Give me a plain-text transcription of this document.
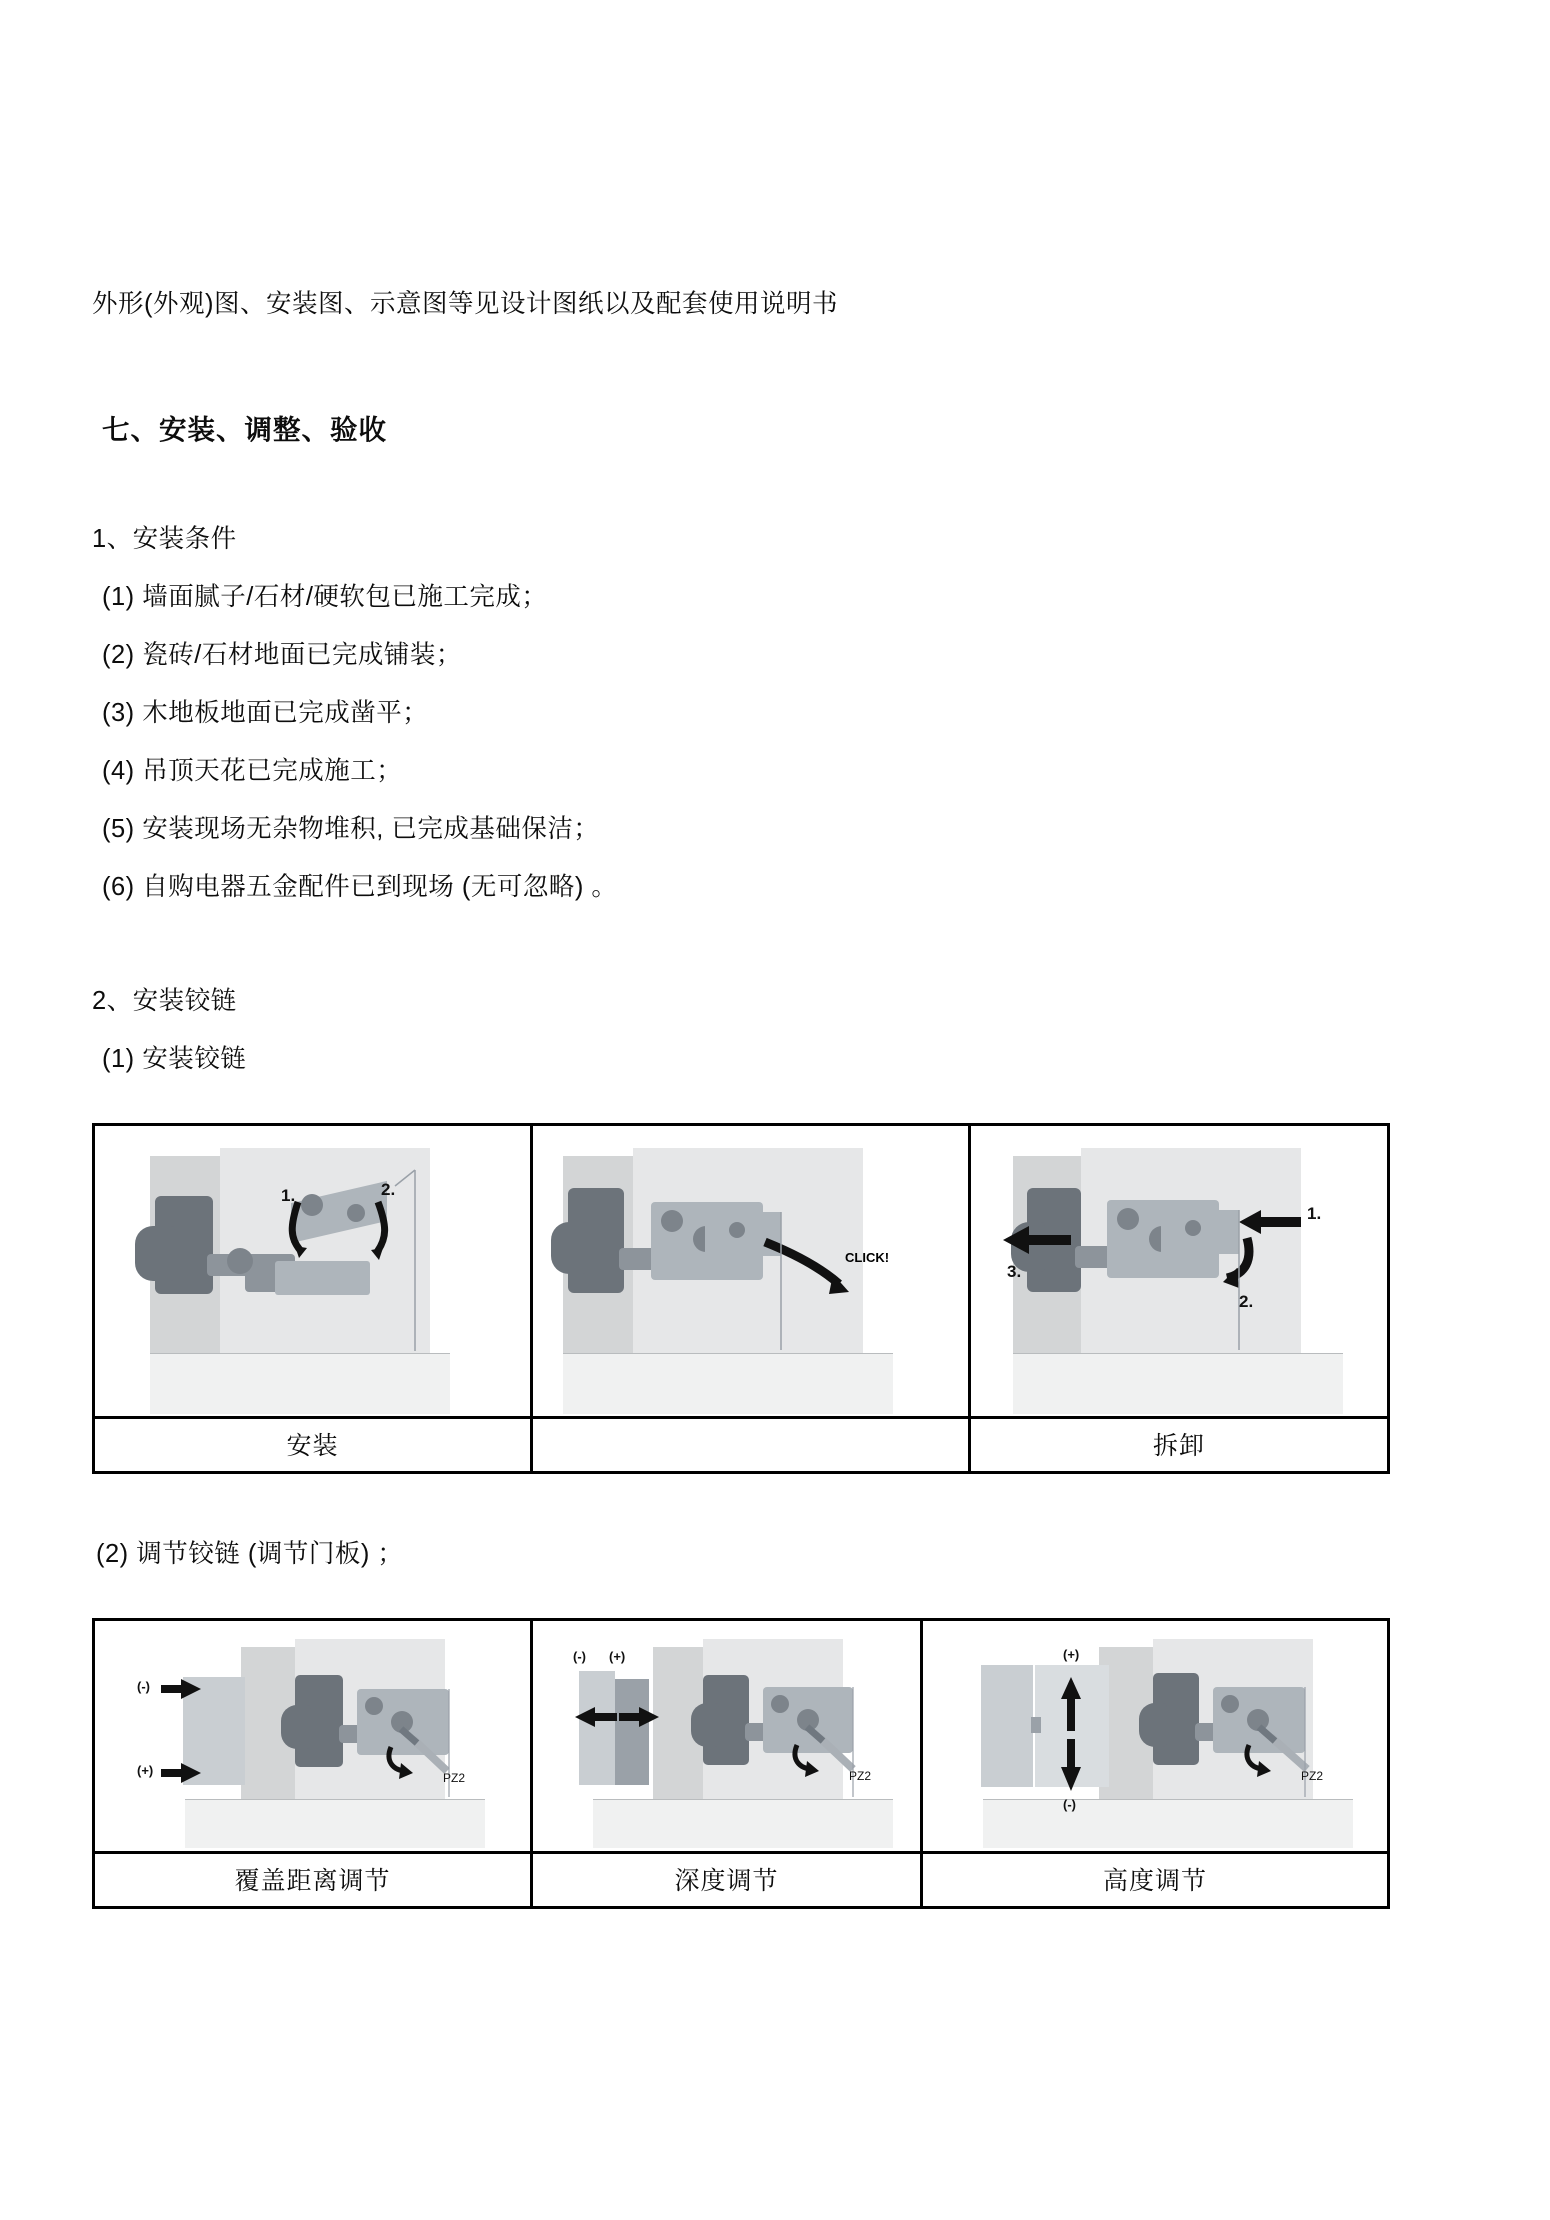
外形(外观)图、安装图、示意图等见设计图纸以及配套使用说明书
七、安装、调整、验收
1、安装条件
(1) 墙面腻子/石材/硬软包已施工完成；
(2) 瓷砖/石材地面已完成铺装；
(3) 木地板地面已完成凿平；
(4) 吊顶天花已完成施工；
(5) 安装现场无杂物堆积, 已完成基础保洁；
(6) 自购电器五金配件已到现场 (无可忽略) 。
2、安装铰链
(1) 安装铰链
1.	2.
安装
CLICK!
安装
1.
2.
3.
拆卸
(2) 调节铰链 (调节门板) ；
(-)
(+)	PZ2
覆盖距离调节
(-) (+)
PZ2
深度调节
(+)
(-)
PZ2
高度调节
